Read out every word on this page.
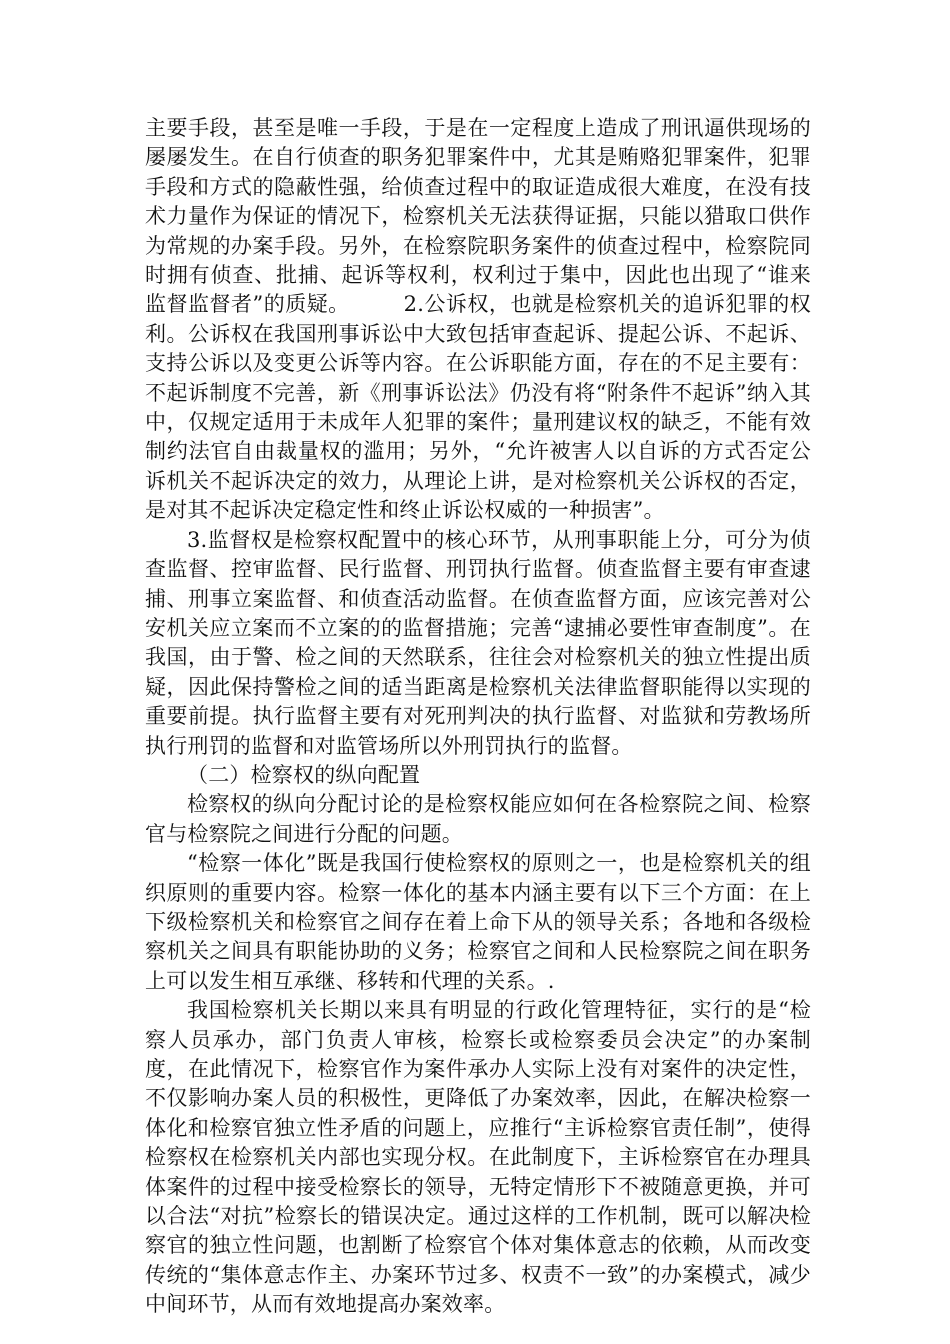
主要手段，甚至是唯一手段，于是在一定程度上造成了刑讯逼供现场的屡屡发生。在自行侦查的职务犯罪案件中，尤其是贿赂犯罪案件，犯罪手段和方式的隐蔽性强，给侦查过程中的取证造成很大难度，在没有技术力量作为保证的情况下，检察机关无法获得证据，只能以猎取口供作为常规的办案手段。另外，在检察院职务案件的侦查过程中，检察院同时拥有侦查、批捕、起诉等权利，权利过于集中，因此也出现了“谁来监督监督者”的质疑。　　　2.公诉权，也就是检察机关的追诉犯罪的权利。公诉权在我国刑事诉讼中大致包括审查起诉、提起公诉、不起诉、支持公诉以及变更公诉等内容。在公诉职能方面，存在的不足主要有：不起诉制度不完善，新《刑事诉讼法》仍没有将“附条件不起诉”纳入其中，仅规定适用于未成年人犯罪的案件；量刑建议权的缺乏，不能有效制约法官自由裁量权的滥用；另外，“允许被害人以自诉的方式否定公诉机关不起诉决定的效力，从理论上讲，是对检察机关公诉权的否定，是对其不起诉决定稳定性和终止诉讼权威的一种损害”。

3.监督权是检察权配置中的核心环节，从刑事职能上分，可分为侦查监督、控审监督、民行监督、刑罚执行监督。侦查监督主要有审查逮捕、刑事立案监督、和侦查活动监督。在侦查监督方面，应该完善对公安机关应立案而不立案的的监督措施；完善“逮捕必要性审查制度”。在我国，由于警、检之间的天然联系，往往会对检察机关的独立性提出质疑，因此保持警检之间的适当距离是检察机关法律监督职能得以实现的重要前提。执行监督主要有对死刑判决的执行监督、对监狱和劳教场所执行刑罚的监督和对监管场所以外刑罚执行的监督。

（二）检察权的纵向配置

检察权的纵向分配讨论的是检察权能应如何在各检察院之间、检察官与检察院之间进行分配的问题。

“检察一体化”既是我国行使检察权的原则之一，也是检察机关的组织原则的重要内容。检察一体化的基本内涵主要有以下三个方面：在上下级检察机关和检察官之间存在着上命下从的领导关系；各地和各级检察机关之间具有职能协助的义务；检察官之间和人民检察院之间在职务上可以发生相互承继、移转和代理的关系。.

我国检察机关长期以来具有明显的行政化管理特征，实行的是“检察人员承办，部门负责人审核，检察长或检察委员会决定”的办案制度，在此情况下，检察官作为案件承办人实际上没有对案件的决定性，不仅影响办案人员的积极性，更降低了办案效率，因此，在解决检察一体化和检察官独立性矛盾的问题上，应推行“主诉检察官责任制”，使得检察权在检察机关内部也实现分权。在此制度下，主诉检察官在办理具体案件的过程中接受检察长的领导，无特定情形下不被随意更换，并可以合法“对抗”检察长的错误决定。通过这样的工作机制，既可以解决检察官的独立性问题，也割断了检察官个体对集体意志的依赖，从而改变传统的“集体意志作主、办案环节过多、权责不一致”的办案模式，减少中间环节，从而有效地提高办案效率。
